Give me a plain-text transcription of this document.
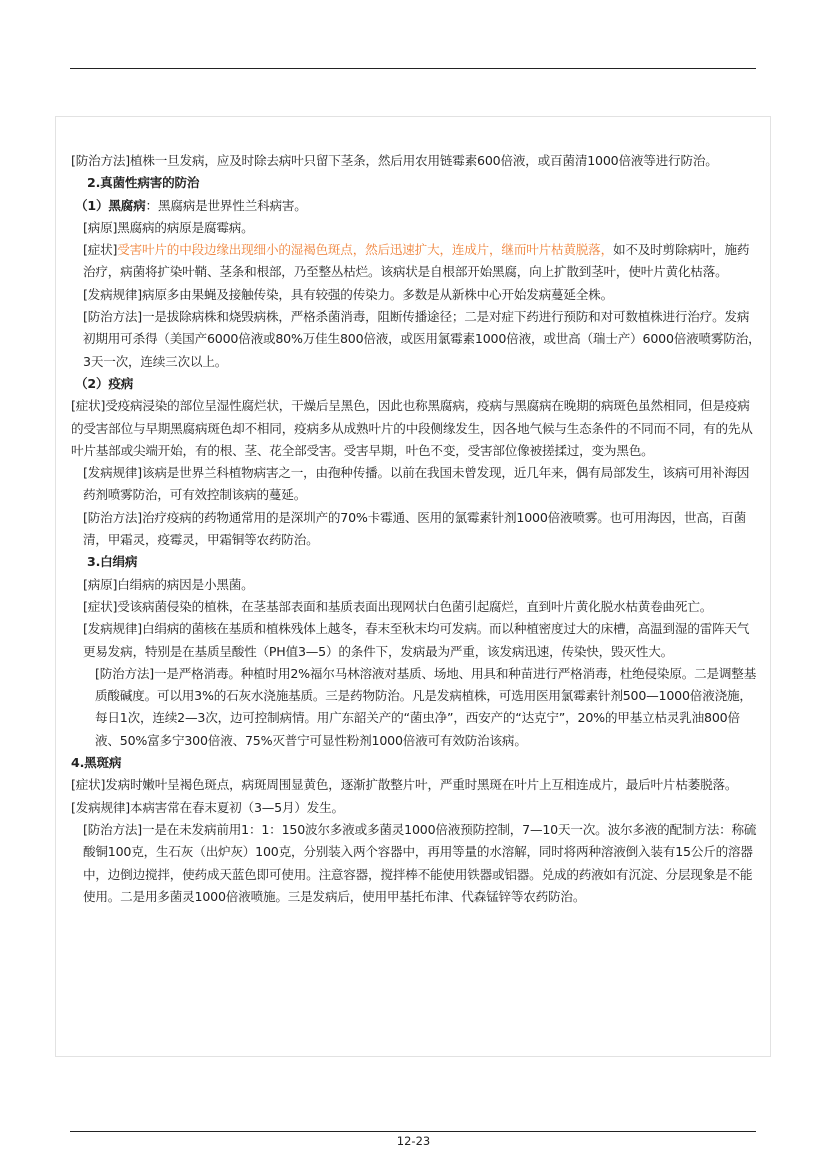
[防治方法]植株一旦发病，应及时除去病叶只留下茎条，然后用农用链霉素600倍液，或百菌清1000倍液等进行防治。

2.真菌性病害的防治

（1）黑腐病：黑腐病是世界性兰科病害。

[病原]黑腐病的病原是腐霉病。

[症状]受害叶片的中段边缘出现细小的湿褐色斑点，然后迅速扩大，连成片，继而叶片枯黄脱落，如不及时剪除病叶，施药治疗，病菌将扩染叶鞘、茎条和根部，乃至整丛枯烂。该病状是自根部开始黑腐，向上扩散到茎叶，使叶片黄化枯落。

[发病规律]病原多由果蝇及接触传染，具有较强的传染力。多数是从新株中心开始发病蔓延全株。

[防治方法]一是拔除病株和烧毁病株，严格杀菌消毒，阻断传播途径；二是对症下药进行预防和对可数植株进行治疗。发病初期用可杀得（美国产6000倍液或80%万佳生800倍液，或医用氯霉素1000倍液，或世高（瑞士产）6000倍液喷雾防治，3天一次，连续三次以上。

（2）疫病

[症状]受疫病浸染的部位呈湿性腐烂状，干燥后呈黑色，因此也称黑腐病，疫病与黑腐病在晚期的病斑色虽然相同，但是疫病的受害部位与早期黑腐病斑色却不相同，疫病多从成熟叶片的中段侧缘发生，因各地气候与生态条件的不同而不同，有的先从叶片基部或尖端开始，有的根、茎、花全部受害。受害早期，叶色不变，受害部位像被搓揉过，变为黑色。

[发病规律]该病是世界兰科植物病害之一，由孢种传播。以前在我国未曾发现，近几年来，偶有局部发生，该病可用补海因药剂喷雾防治，可有效控制该病的蔓延。

[防治方法]治疗疫病的药物通常用的是深圳产的70%卡霉通、医用的氯霉素针剂1000倍液喷雾。也可用海因，世高，百菌清，甲霜灵，疫霉灵，甲霜铜等农药防治。

3.白绢病

[病原]白绢病的病因是小黑菌。

[症状]受该病菌侵染的植株，在茎基部表面和基质表面出现网状白色菌引起腐烂，直到叶片黄化脱水枯黄卷曲死亡。

[发病规律]白绢病的菌核在基质和植株残体上越冬，春末至秋末均可发病。而以种植密度过大的床槽，高温到湿的雷阵天气更易发病，特别是在基质呈酸性（PH值3—5）的条件下，发病最为严重，该发病迅速，传染快，毁灭性大。

[防治方法]一是严格消毒。种植时用2%福尔马林溶液对基质、场地、用具和种苗进行严格消毒，杜绝侵染原。二是调整基质酸碱度。可以用3%的石灰水浇施基质。三是药物防治。凡是发病植株，可选用医用氯霉素针剂500—1000倍液浇施，每日1次，连续2—3次，边可控制病情。用广东韶关产的“菌虫净”，西安产的“达克宁”，20%的甲基立枯灵乳油800倍液、50%富多宁300倍液、75%灭普宁可显性粉剂1000倍液可有效防治该病。

4.黑斑病

[症状]发病时嫩叶呈褐色斑点，病斑周围显黄色，逐渐扩散整片叶，严重时黑斑在叶片上互相连成片，最后叶片枯萎脱落。

[发病规律]本病害常在春末夏初（3—5月）发生。

[防治方法]一是在未发病前用1：1：150波尔多液或多菌灵1000倍液预防控制，7—10天一次。波尔多液的配制方法：称硫酸铜100克，生石灰（出炉灰）100克，分别装入两个容器中，再用等量的水溶解，同时将两种溶液倒入装有15公斤的溶器中，边倒边搅拌，使药成天蓝色即可使用。注意容器，搅拌棒不能使用铁器或铝器。兑成的药液如有沉淀、分层现象是不能使用。二是用多菌灵1000倍液喷施。三是发病后，使用甲基托布津、代森锰锌等农药防治。

12-23
